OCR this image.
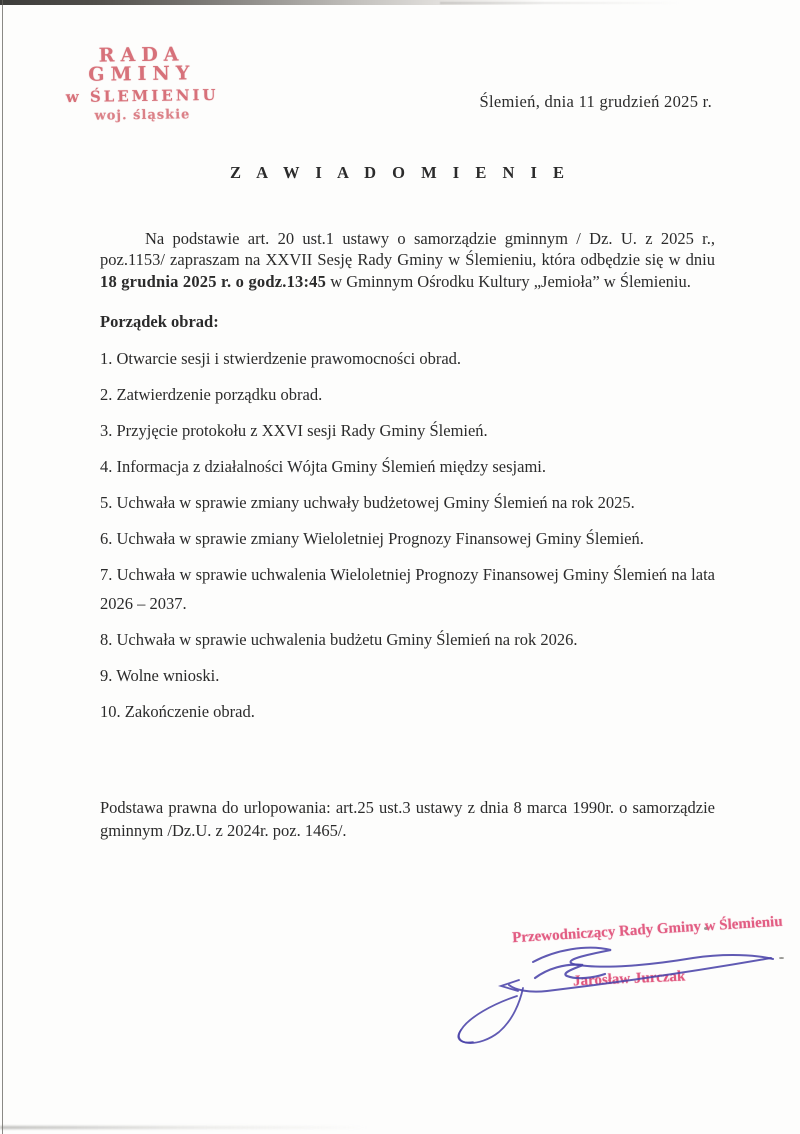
RADA GMINY
w ŚLEMIENIU
woj. śląskie
Ślemień, dnia 11 grudzień 2025 r.
Z A W I A D O M I E N I E

Na podstawie art. 20 ust.1 ustawy o samorządzie gminnym / Dz. U. z 2025 r., poz.1153/ zapraszam na XXVII Sesję Rady Gminy w Ślemieniu, która odbędzie się w dniu 18 grudnia 2025 r. o godz.13:45 w Gminnym Ośrodku Kultury „Jemioła” w Ślemieniu.

Porządek obrad:
1. Otwarcie sesji i stwierdzenie prawomocności obrad.
2. Zatwierdzenie porządku obrad.
3. Przyjęcie protokołu z XXVI sesji Rady Gminy Ślemień.
4. Informacja z działalności Wójta Gminy Ślemień między sesjami.
5. Uchwała w sprawie zmiany uchwały budżetowej Gminy Ślemień na rok 2025.
6. Uchwała w sprawie zmiany Wieloletniej Prognozy Finansowej Gminy Ślemień.
7. Uchwała w sprawie uchwalenia Wieloletniej Prognozy Finansowej Gminy Ślemień na lata 2026 – 2037.
8. Uchwała w sprawie uchwalenia budżetu Gminy Ślemień na rok 2026.
9. Wolne wnioski.
10. Zakończenie obrad.

Podstawa prawna do urlopowania: art.25 ust.3 ustawy z dnia 8 marca 1990r. o samorządzie gminnym /Dz.U. z 2024r. poz. 1465/.

Przewodniczący Rady Gminy w Ślemieniu
Jarosław Jurczak
